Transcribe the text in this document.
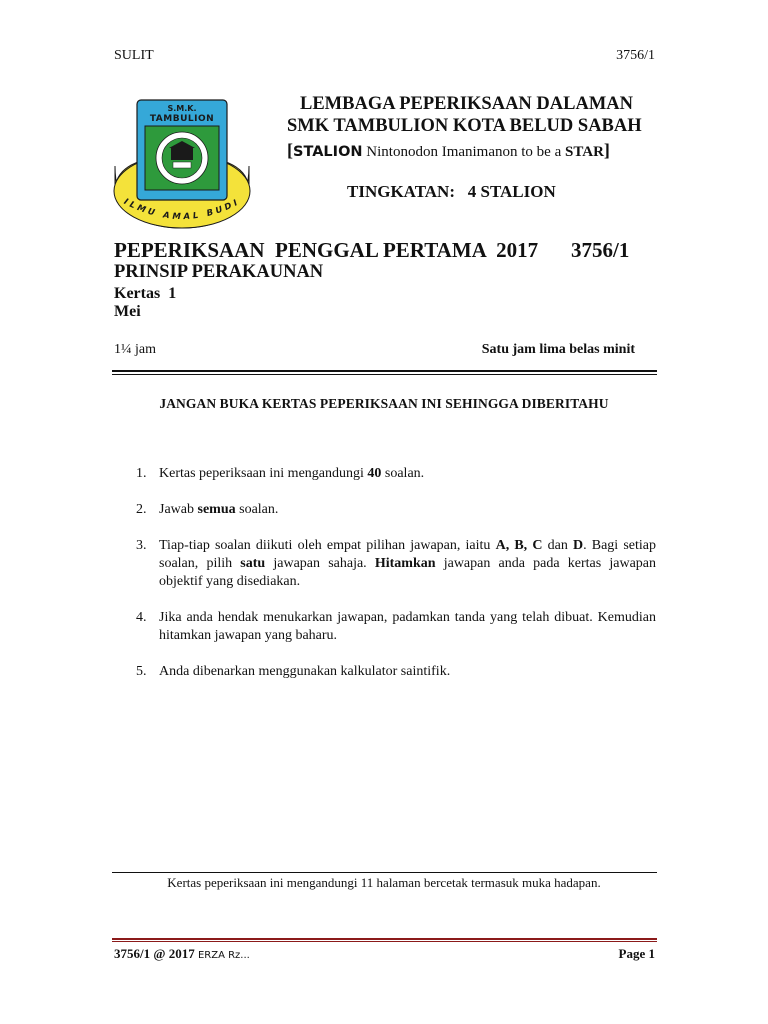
SULIT	3756/1
S.M.K.
TAMBULION
SABAH
ILMU AMAL BUDI
LEMBAGA PEPERIKSAAN DALAMAN
SMK TAMBULION KOTA BELUD SABAH
[STALION Nintonodon Imanimanon to be a STAR]
TINGKATAN:   4 STALION
PEPERIKSAAN  PENGGAL PERTAMA  2017 3756/1
PRINSIP PERAKAUNAN
Kertas  1
Mei
1¼ jam	Satu jam lima belas minit
JANGAN BUKA KERTAS PEPERIKSAAN INI SEHINGGA DIBERITAHU
1. Kertas peperiksaan ini mengandungi 40 soalan.
2. Jawab semua soalan.
3. Tiap-tiap soalan diikuti oleh empat pilihan jawapan, iaitu A, B, C dan D. Bagi setiap soalan, pilih satu jawapan sahaja. Hitamkan jawapan anda pada kertas jawapan objektif yang disediakan.
4. Jika anda hendak menukarkan jawapan, padamkan tanda yang telah dibuat. Kemudian hitamkan jawapan yang baharu.
5. Anda dibenarkan menggunakan kalkulator saintifik.
Kertas peperiksaan ini mengandungi 11 halaman bercetak termasuk muka hadapan.
3756/1 @ 2017 ERZA Rz...	Page 1
